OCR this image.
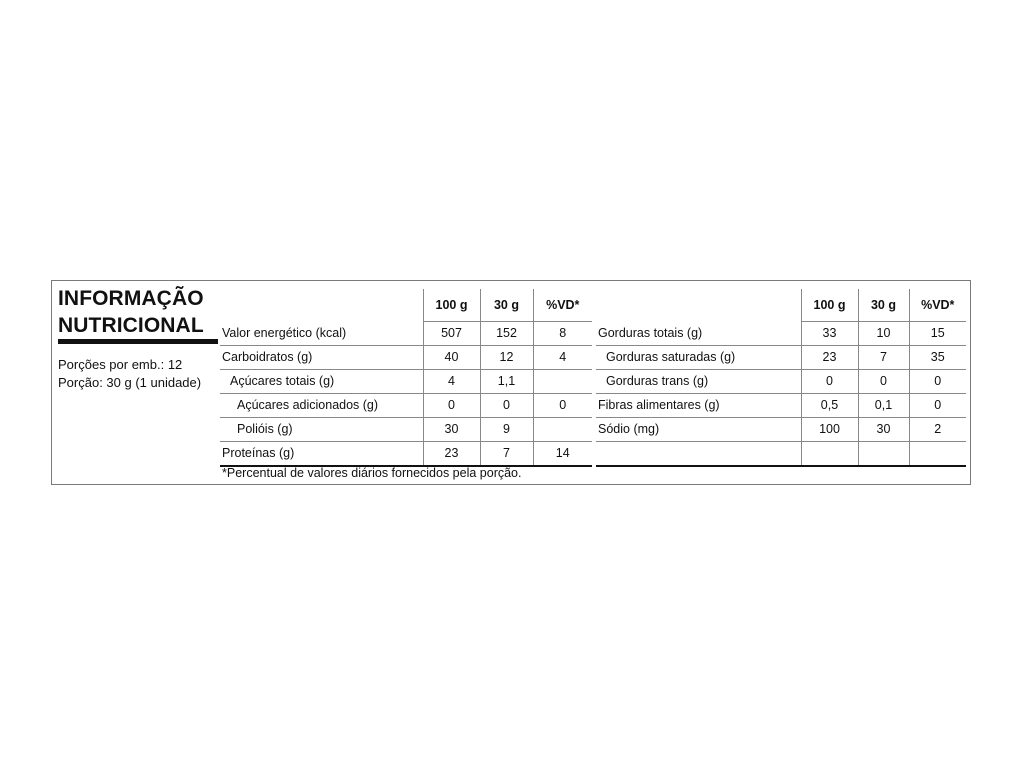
INFORMAÇÃO
NUTRICIONAL
Porções por emb.: 12
Porção: 30 g (1 unidade)
	100 g	30 g	%VD*
Valor energético (kcal)	507	152	8
Carboidratos (g)	40	12	4
Açúcares totais (g)	4	1,1	
Açúcares adicionados (g)	0	0	0
Polióis (g)	30	9	
Proteínas (g)	23	7	14
	100 g	30 g	%VD*
Gorduras totais (g)	33	10	15
Gorduras saturadas (g)	23	7	35
Gorduras trans (g)	0	0	0
Fibras alimentares (g)	0,5	0,1	0
Sódio (mg)	100	30	2

*Percentual de valores diários fornecidos pela porção.
